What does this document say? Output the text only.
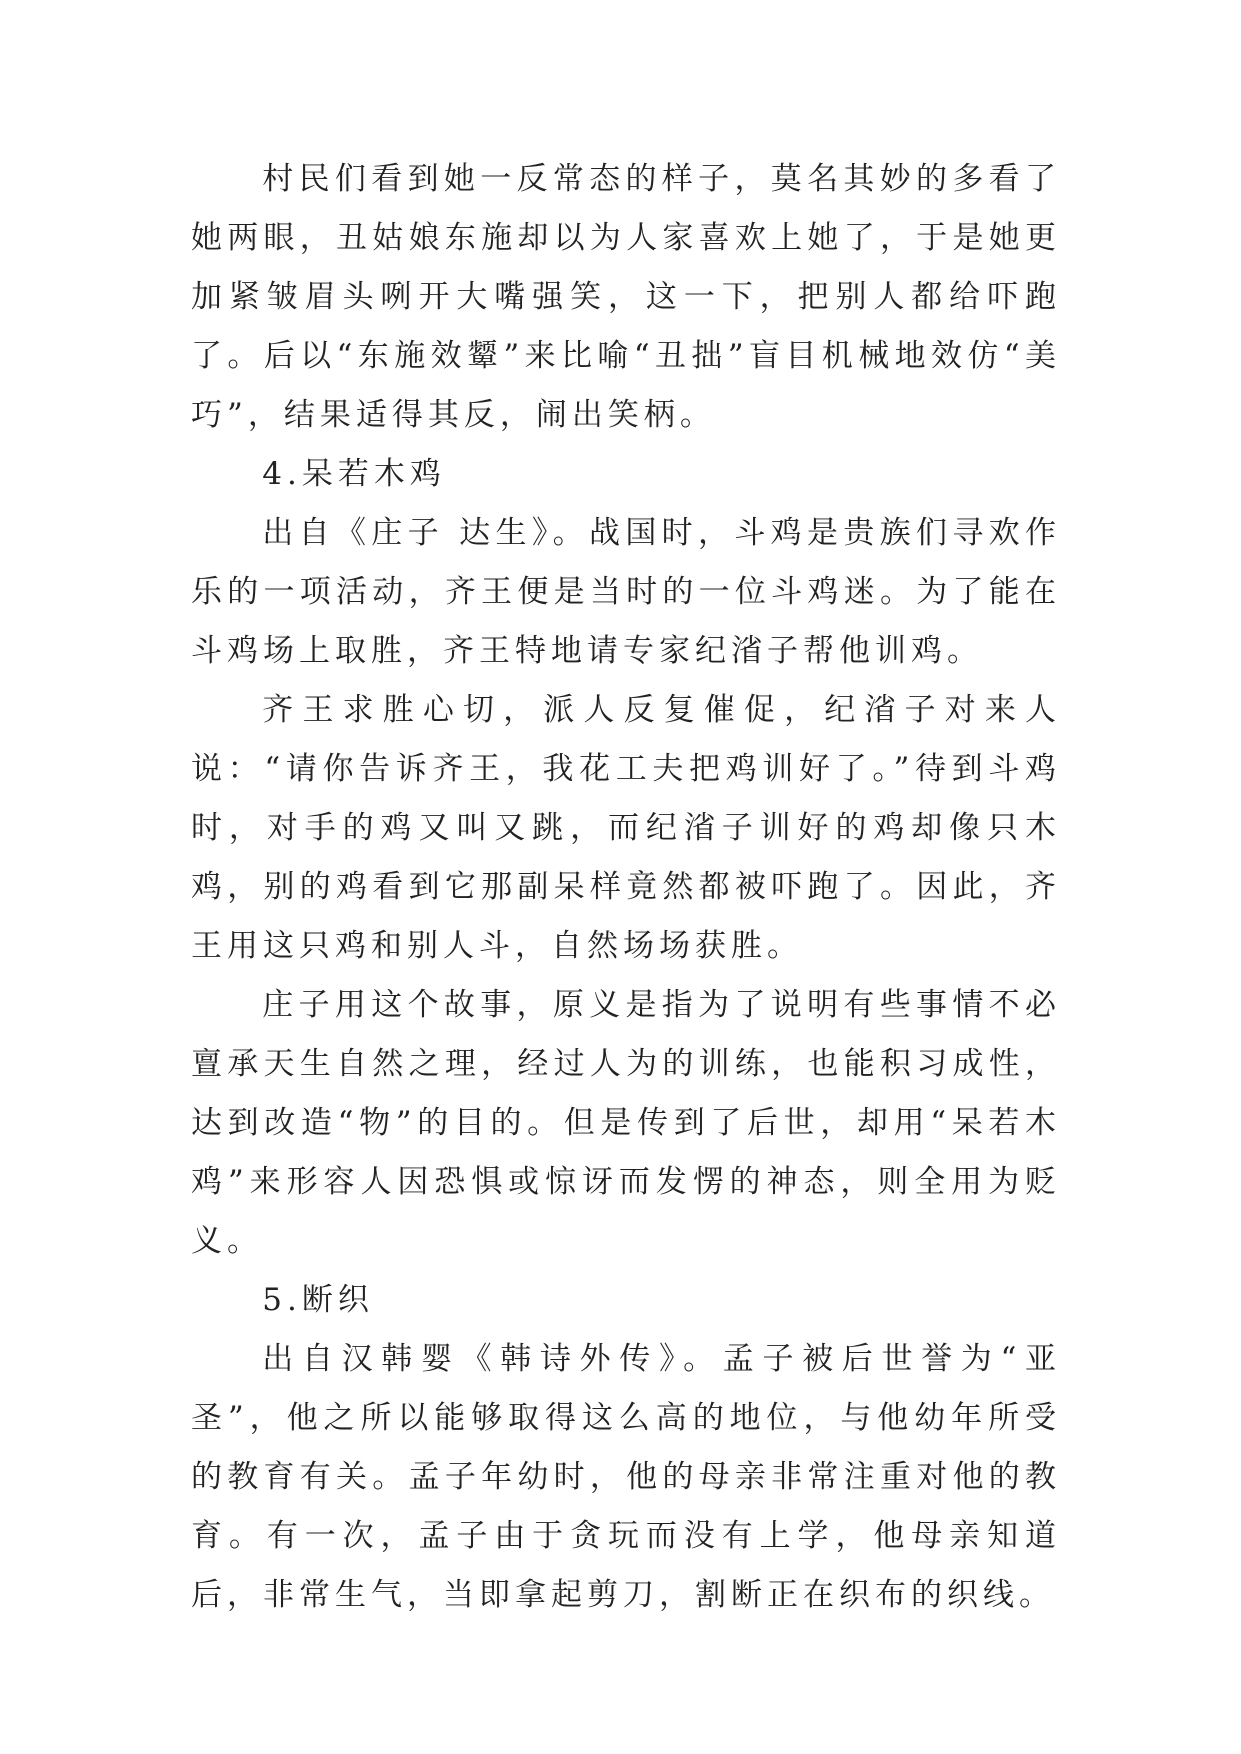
村民们看到她一反常态的样子，莫名其妙的多看了她两眼，丑姑娘东施却以为人家喜欢上她了，于是她更加紧皱眉头咧开大嘴强笑，这一下，把别人都给吓跑了。后以“东施效颦”来比喻“丑拙”盲目机械地效仿“美巧”，结果适得其反，闹出笑柄。

4.呆若木鸡

出自《庄子 达生》。战国时，斗鸡是贵族们寻欢作乐的一项活动，齐王便是当时的一位斗鸡迷。为了能在斗鸡场上取胜，齐王特地请专家纪渻子帮他训鸡。

齐王求胜心切，派人反复催促，纪渻子对来人说：“请你告诉齐王，我花工夫把鸡训好了。”待到斗鸡时，对手的鸡又叫又跳，而纪渻子训好的鸡却像只木鸡，别的鸡看到它那副呆样竟然都被吓跑了。因此，齐王用这只鸡和别人斗，自然场场获胜。

庄子用这个故事，原义是指为了说明有些事情不必亶承天生自然之理，经过人为的训练，也能积习成性，达到改造“物”的目的。但是传到了后世，却用“呆若木鸡”来形容人因恐惧或惊讶而发愣的神态，则全用为贬义。

5.断织

出自汉韩婴《韩诗外传》。孟子被后世誉为“亚圣”，他之所以能够取得这么高的地位，与他幼年所受的教育有关。孟子年幼时，他的母亲非常注重对他的教育。有一次，孟子由于贪玩而没有上学，他母亲知道后，非常生气，当即拿起剪刀，割断正在织布的织线。
